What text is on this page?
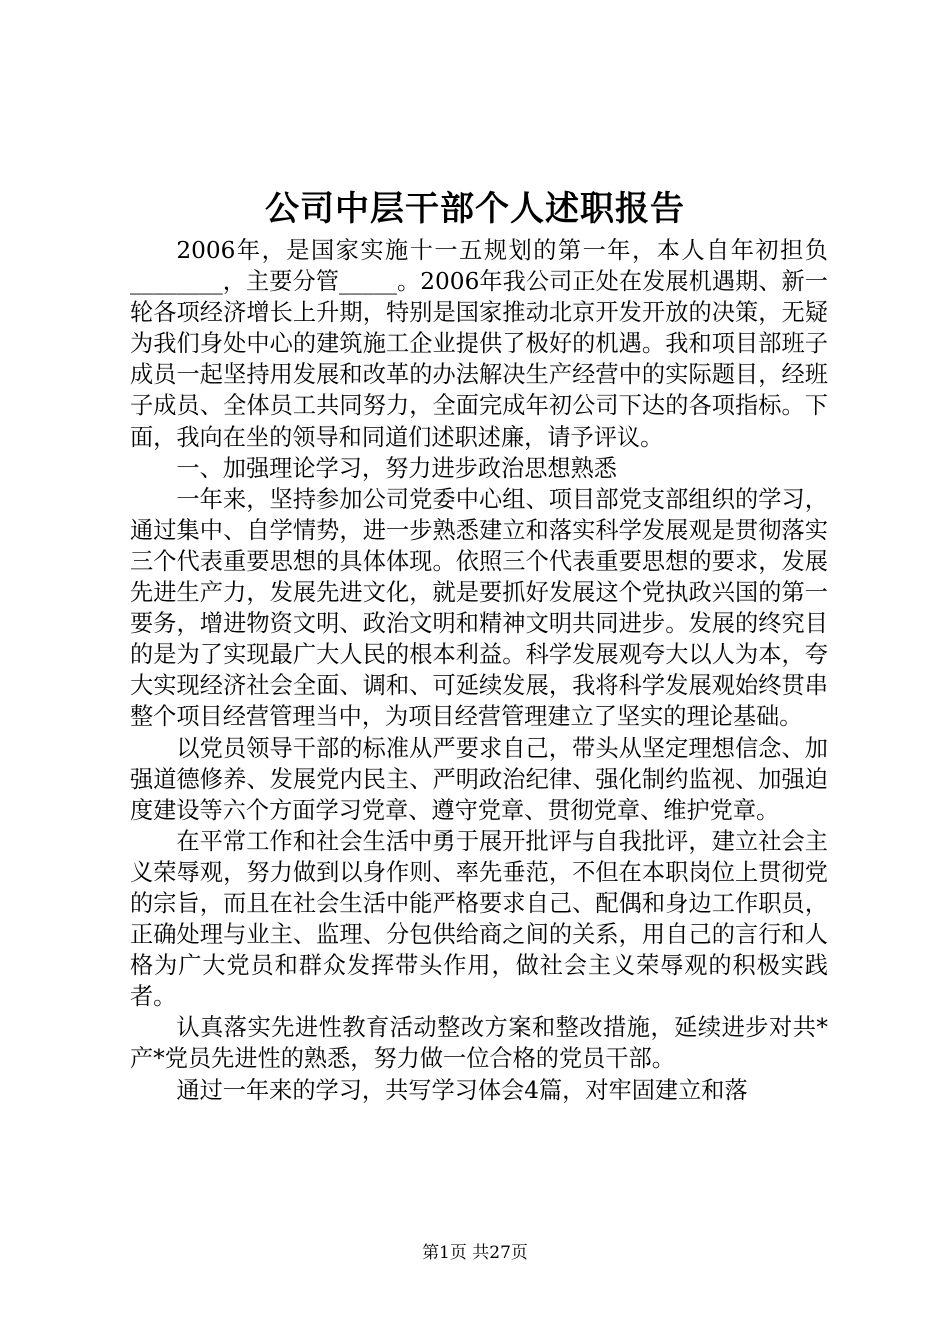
公司中层干部个人述职报告

2006年，是国家实施十一五规划的第一年，本人自年初担负________，主要分管_____。2006年我公司正处在发展机遇期、新一轮各项经济增长上升期，特别是国家推动北京开发开放的决策，无疑为我们身处中心的建筑施工企业提供了极好的机遇。我和项目部班子成员一起坚持用发展和改革的办法解决生产经营中的实际题目，经班子成员、全体员工共同努力，全面完成年初公司下达的各项指标。下面，我向在坐的领导和同道们述职述廉，请予评议。

一、加强理论学习，努力进步政治思想熟悉

一年来，坚持参加公司党委中心组、项目部党支部组织的学习，通过集中、自学情势，进一步熟悉建立和落实科学发展观是贯彻落实三个代表重要思想的具体体现。依照三个代表重要思想的要求，发展先进生产力，发展先进文化，就是要抓好发展这个党执政兴国的第一要务，增进物资文明、政治文明和精神文明共同进步。发展的终究目的是为了实现最广大人民的根本利益。科学发展观夸大以人为本，夸大实现经济社会全面、调和、可延续发展，我将科学发展观始终贯串整个项目经营管理当中，为项目经营管理建立了坚实的理论基础。

以党员领导干部的标准从严要求自己，带头从坚定理想信念、加强道德修养、发展党内民主、严明政治纪律、强化制约监视、加强迫度建设等六个方面学习党章、遵守党章、贯彻党章、维护党章。

在平常工作和社会生活中勇于展开批评与自我批评，建立社会主义荣辱观，努力做到以身作则、率先垂范，不但在本职岗位上贯彻党的宗旨，而且在社会生活中能严格要求自己、配偶和身边工作职员，正确处理与业主、监理、分包供给商之间的关系，用自己的言行和人格为广大党员和群众发挥带头作用，做社会主义荣辱观的积极实践者。

认真落实先进性教育活动整改方案和整改措施，延续进步对共*产*党员先进性的熟悉，努力做一位合格的党员干部。

通过一年来的学习，共写学习体会4篇，对牢固建立和落

第1页 共27页
